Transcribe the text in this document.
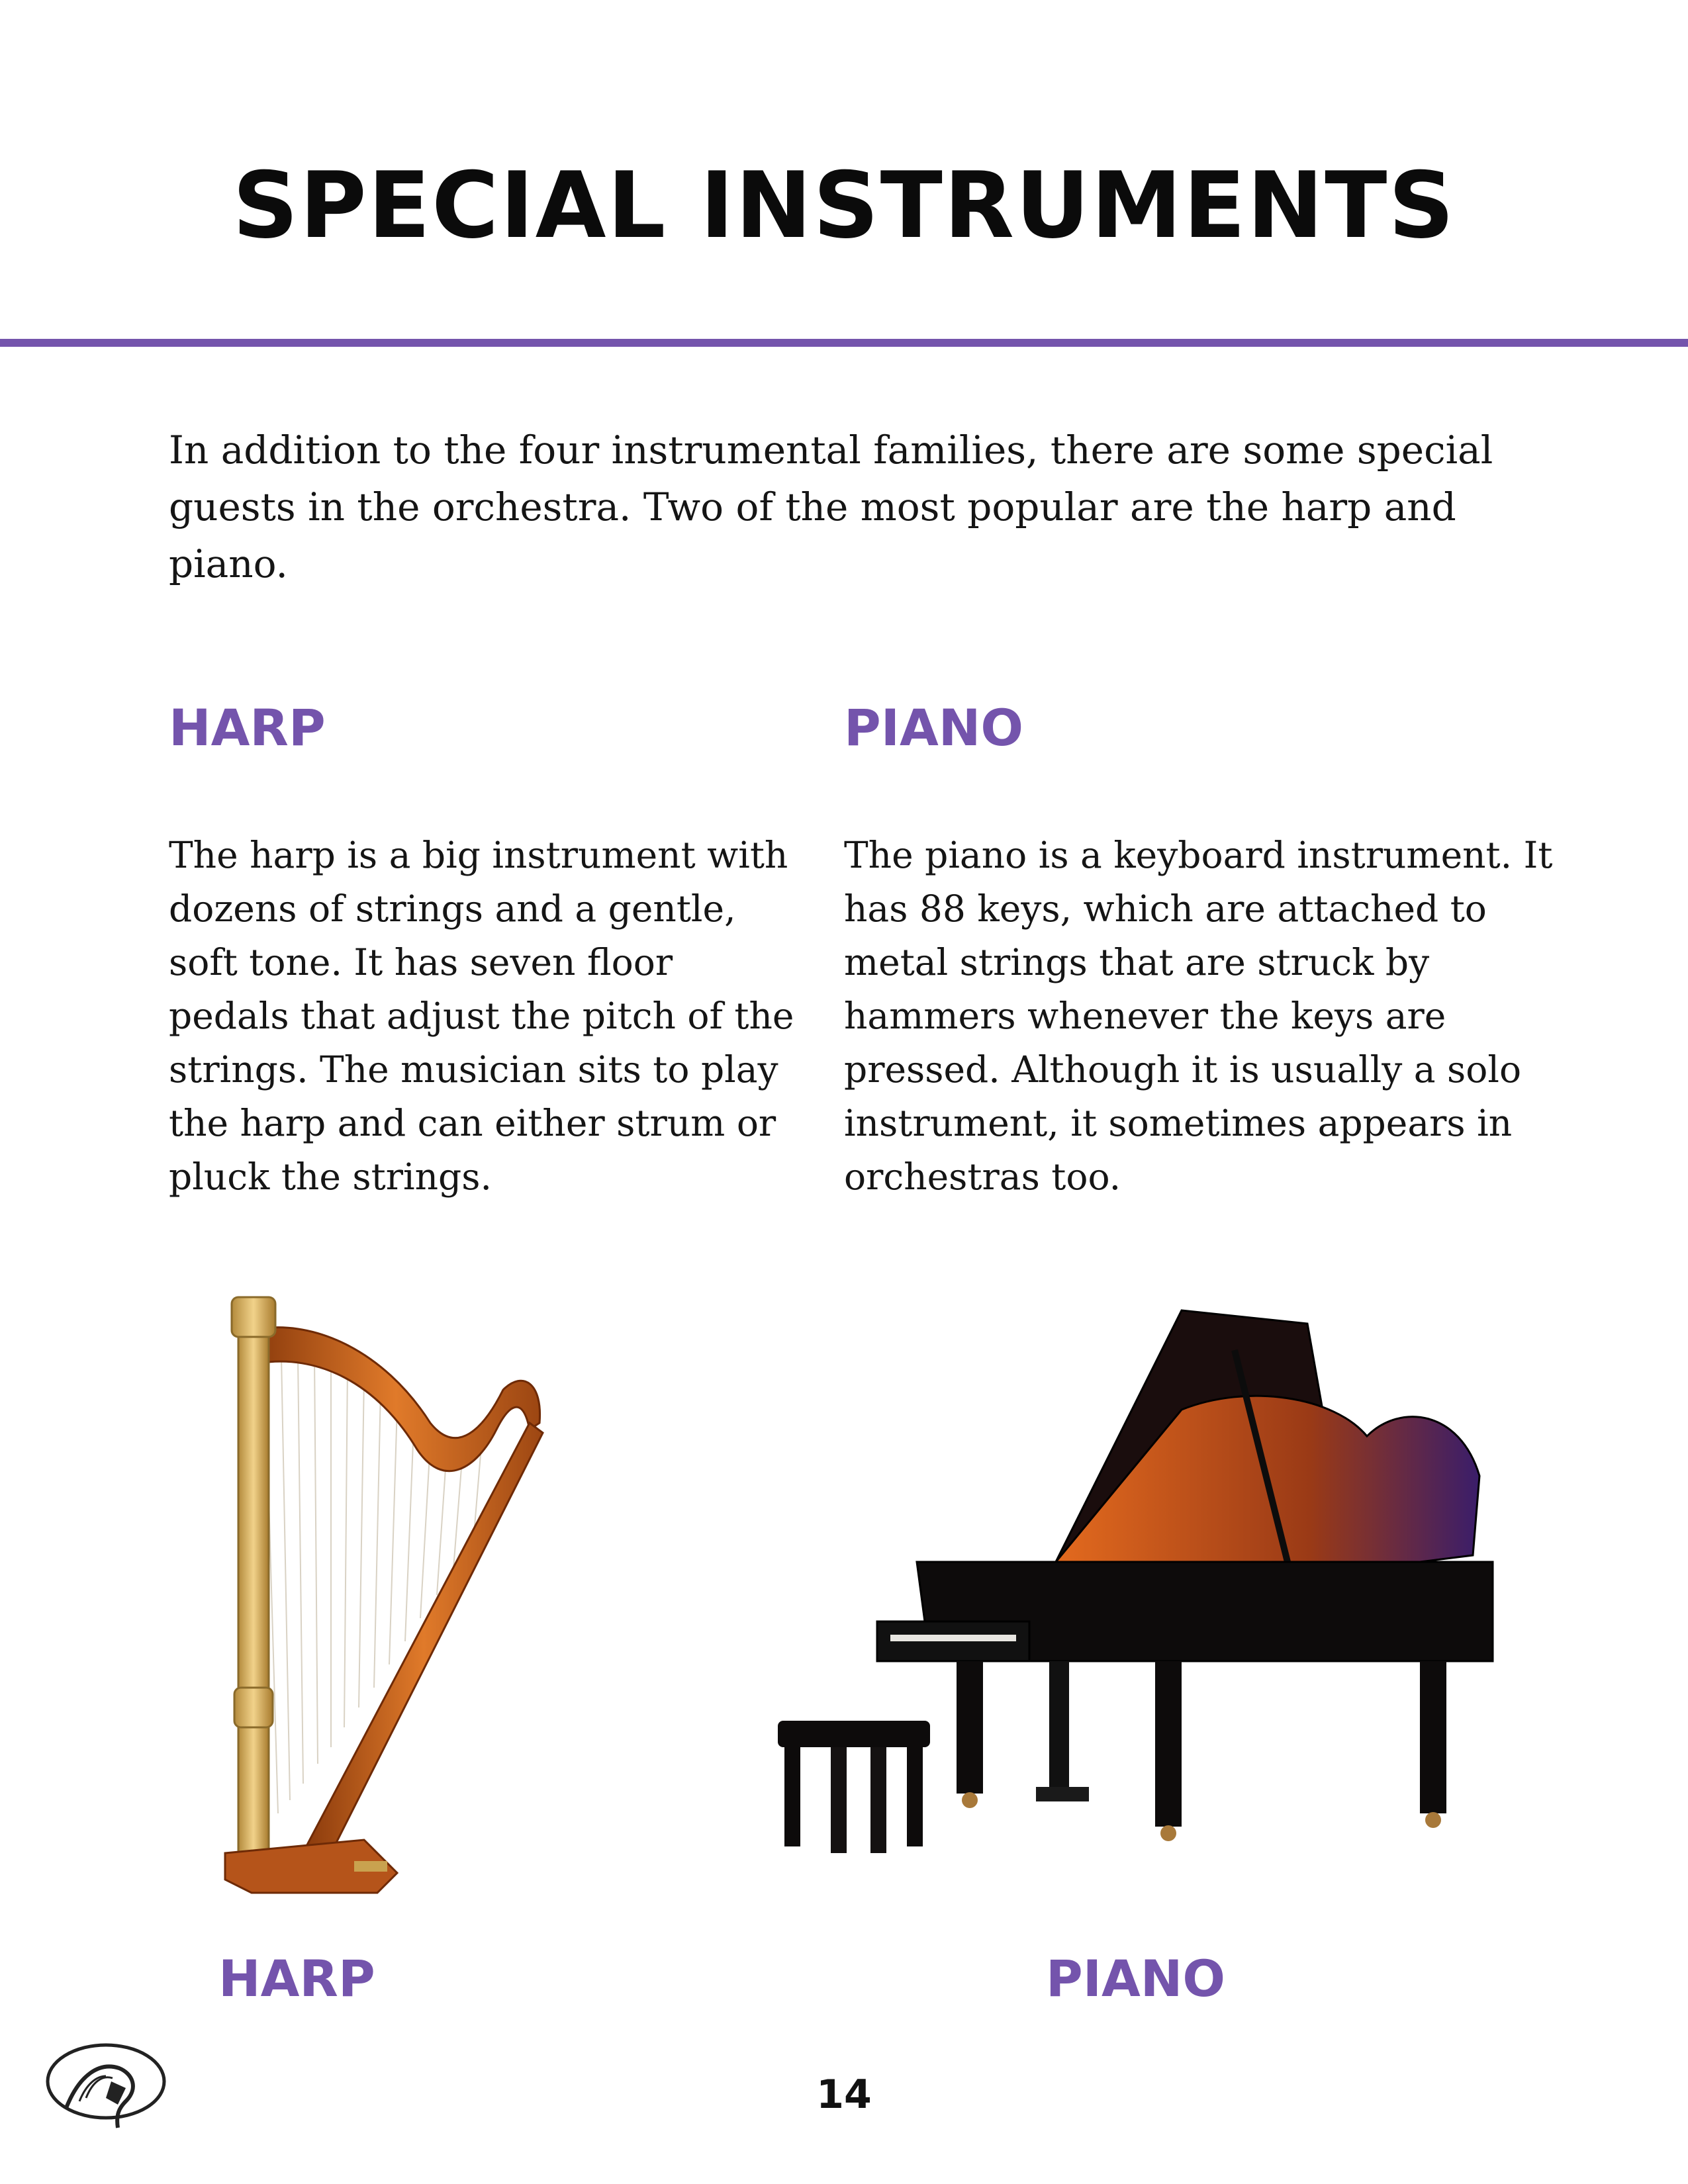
SPECIAL INSTRUMENTS

In addition to the four instrumental families, there are some special
guests in the orchestra. Two of the most popular are the harp and piano.

HARP

The harp is a big instrument with
dozens of strings and a gentle,
soft tone. It has seven floor
pedals that adjust the pitch of the
strings. The musician sits to play
the harp and can either strum or
pluck the strings.

PIANO

The piano is a keyboard instrument. It
has 88 keys, which are attached to
metal strings that are struck by
hammers whenever the keys are
pressed. Although it is usually a solo
instrument, it sometimes appears in
orchestras too.

HARP	PIANO
14
